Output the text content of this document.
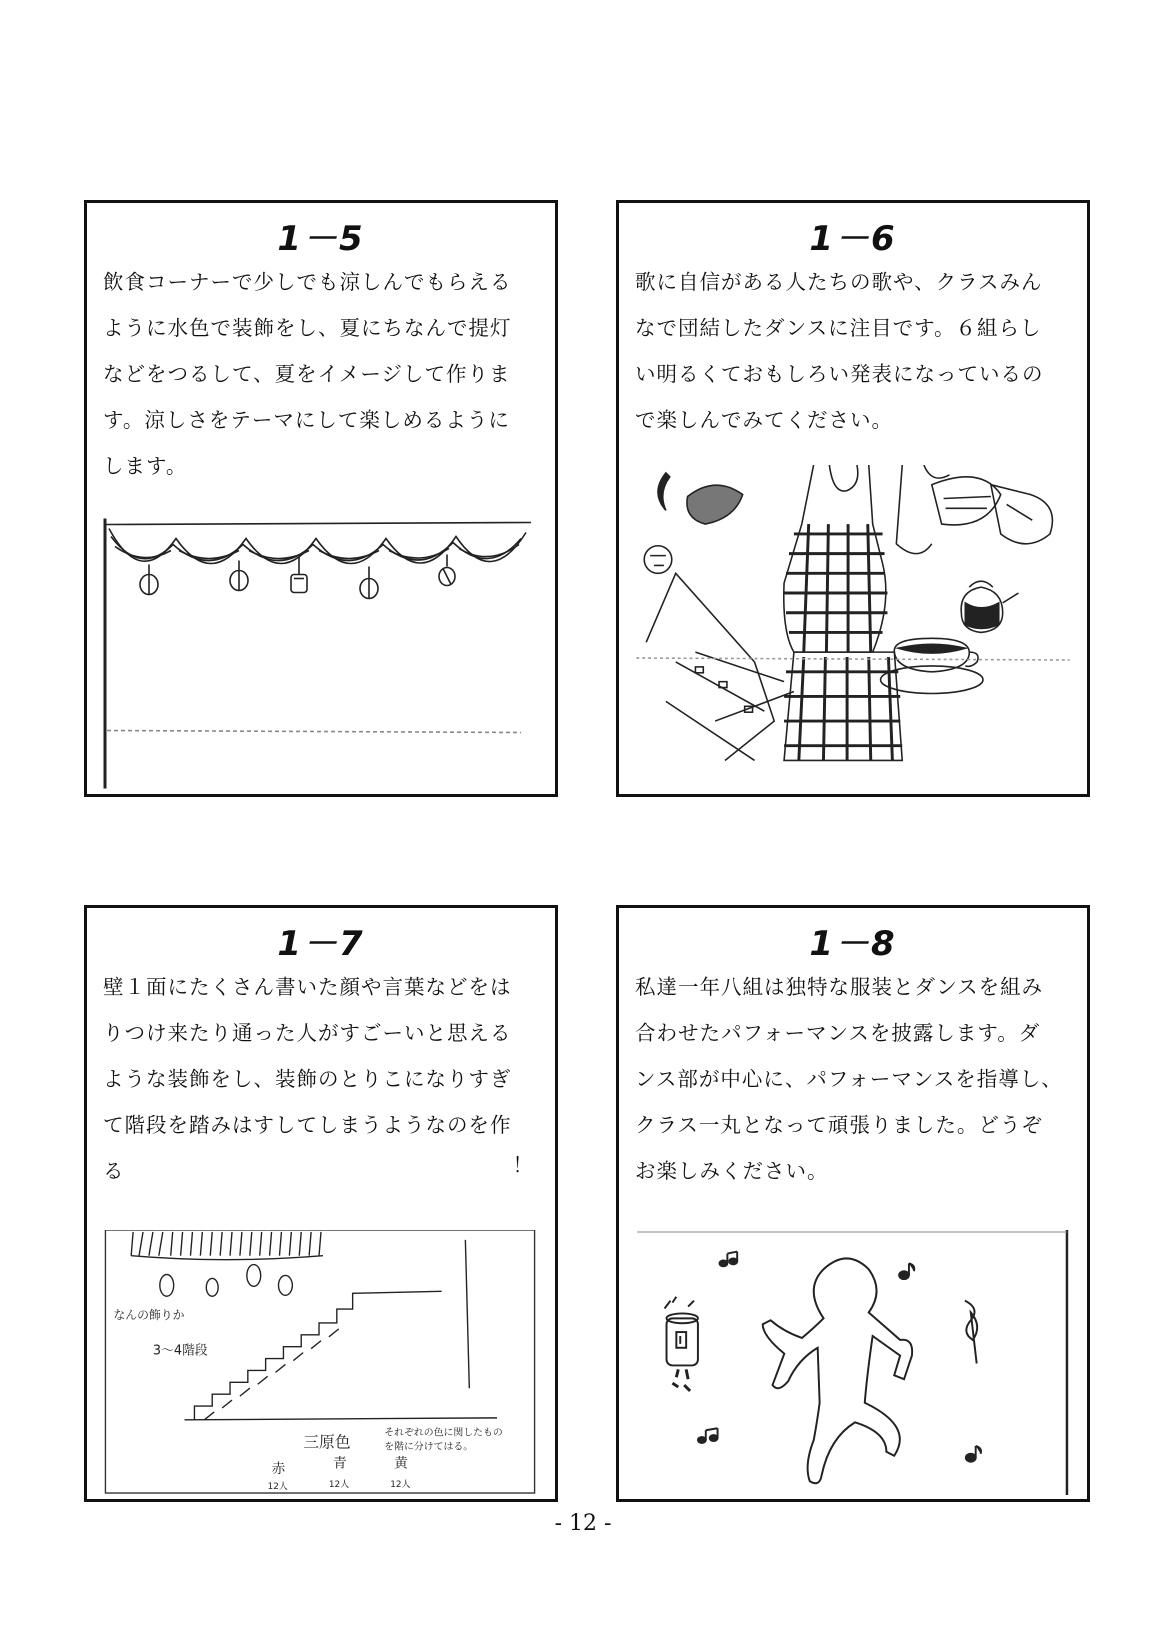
1－5

飲食コーナーで少しでも涼しんでもらえる
ように水色で装飾をし、夏にちなんで提灯
などをつるして、夏をイメージして作りま
す。涼しさをテーマにして楽しめるように
します。

1－6

歌に自信がある人たちの歌や、クラスみん
なで団結したダンスに注目です。６組らし
い明るくておもしろい発表になっているの
で楽しんでみてください。

1－7

壁１面にたくさん書いた顔や言葉などをは
りつけ来たり通った人がすごーいと思える
ような装飾をし、装飾のとりこになりすぎ
て階段を踏みはすしてしまうようなのを作
る	！
なんの飾りか
3～4階段
三原色	それぞれの色に関したもの
を階に分けてはる。
赤	青	黄
12人	12人	12人
1－8

私達一年八組は独特な服装とダンスを組み
合わせたパフォーマンスを披露します。ダ
ンス部が中心に、パフォーマンスを指導し、
クラス一丸となって頑張りました。どうぞ
お楽しみください。

- 12 -
